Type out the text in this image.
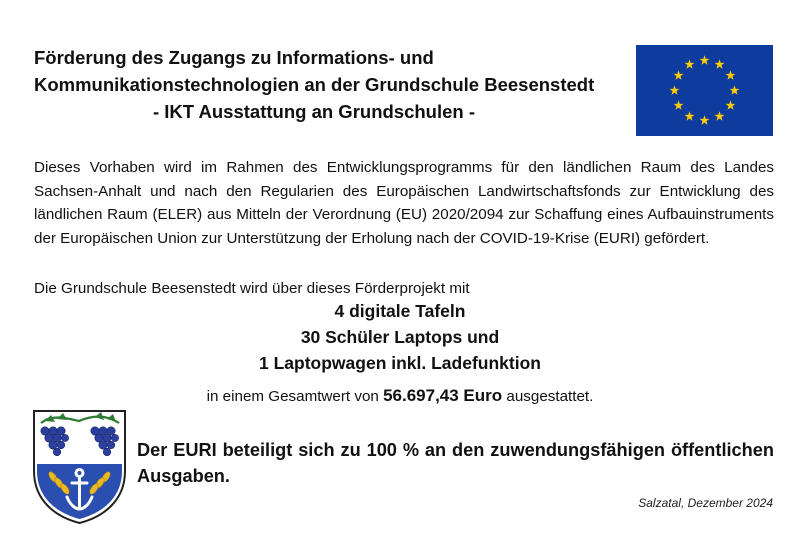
Förderung des Zugangs zu Informations- und
Kommunikationstechnologien an der Grundschule Beesenstedt
- IKT Ausstattung an Grundschulen -
Dieses Vorhaben wird im Rahmen des Entwicklungsprogramms für den ländlichen Raum des Landes Sachsen-Anhalt und nach den Regularien des Europäischen Landwirtschaftsfonds zur Entwicklung des ländlichen Raum (ELER) aus Mitteln der Verordnung (EU) 2020/2094 zur Schaffung eines Aufbauinstruments der Europäischen Union zur Unterstützung der Erholung nach der COVID-19-Krise (EURI) gefördert.
Die Grundschule Beesenstedt wird über dieses Förderprojekt mit
4 digitale Tafeln
30 Schüler Laptops und
1 Laptopwagen inkl. Ladefunktion
in einem Gesamtwert von 56.697,43 Euro ausgestattet.
Der EURI beteiligt sich zu 100 % an den zuwendungsfähigen öffentlichen Ausgaben.
Salzatal, Dezember 2024
